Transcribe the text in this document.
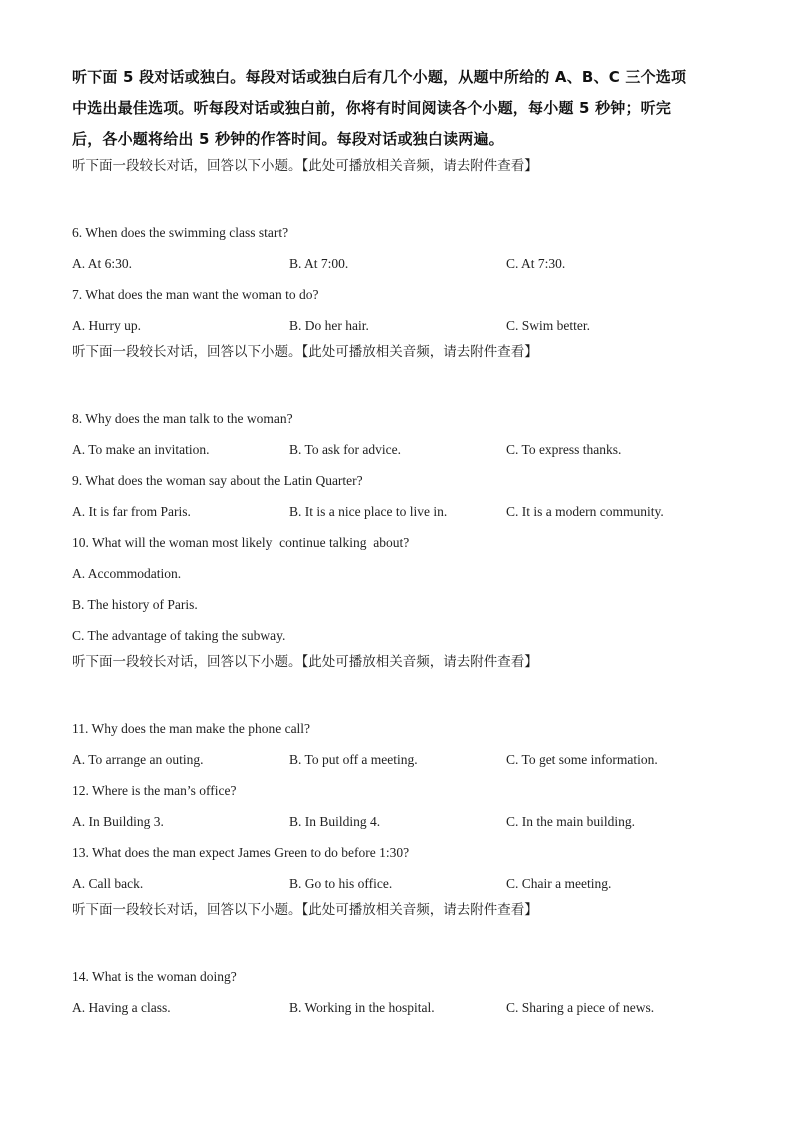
听下面 5 段对话或独白。每段对话或独白后有几个小题，从题中所给的 A、B、C 三个选项

中选出最佳选项。听每段对话或独白前，你将有时间阅读各个小题，每小题 5 秒钟；听完

后，各小题将给出 5 秒钟的作答时间。每段对话或独白读两遍。

听下面一段较长对话，回答以下小题。【此处可播放相关音频，请去附件查看】

6. When does the swimming class start?

A. At 6:30.	B. At 7:00.	C. At 7:30.

7. What does the man want the woman to do?

A. Hurry up.	B. Do her hair.	C. Swim better.

听下面一段较长对话，回答以下小题。【此处可播放相关音频，请去附件查看】

8. Why does the man talk to the woman?

A. To make an invitation.	B. To ask for advice.	C. To express thanks.

9. What does the woman say about the Latin Quarter?

A. It is far from Paris.	B. It is a nice place to live in.	C. It is a modern community.

10. What will the woman most likely  continue talking  about?

A. Accommodation.

B. The history of Paris.

C. The advantage of taking the subway.

听下面一段较长对话，回答以下小题。【此处可播放相关音频，请去附件查看】

11. Why does the man make the phone call?

A. To arrange an outing.	B. To put off a meeting.	C. To get some information.

12. Where is the man’s office?

A. In Building 3.	B. In Building 4.	C. In the main building.

13. What does the man expect James Green to do before 1:30?

A. Call back.	B. Go to his office.	C. Chair a meeting.

听下面一段较长对话，回答以下小题。【此处可播放相关音频，请去附件查看】

14. What is the woman doing?

A. Having a class.	B. Working in the hospital.	C. Sharing a piece of news.
